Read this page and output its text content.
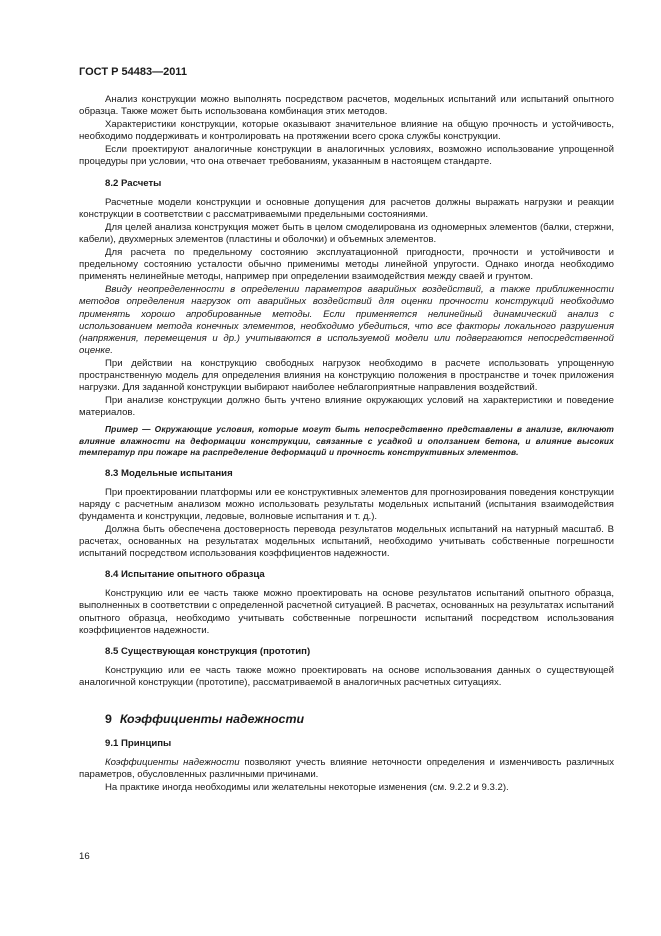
ГОСТ Р 54483—2011

Анализ конструкции можно выполнять посредством расчетов, модельных испытаний или испытаний опытного образца. Также может быть использована комбинация этих методов.

Характеристики конструкции, которые оказывают значительное влияние на общую прочность и устойчивость, необходимо поддерживать и контролировать на протяжении всего срока службы конструкции.

Если проектируют аналогичные конструкции в аналогичных условиях, возможно использование упрощенной процедуры при условии, что она отвечает требованиям, указанным в настоящем стандарте.

8.2 Расчеты

Расчетные модели конструкции и основные допущения для расчетов должны выражать нагрузки и реакции конструкции в соответствии с рассматриваемыми предельными состояниями.

Для целей анализа конструкция может быть в целом смоделирована из одномерных элементов (балки, стержни, кабели), двухмерных элементов (пластины и оболочки) и объемных элементов.

Для расчета по предельному состоянию эксплуатационной пригодности, прочности и устойчивости и предельному состоянию усталости обычно применимы методы линейной упругости. Однако иногда необходимо применять нелинейные методы, например при определении взаимодействия между сваей и грунтом.

Ввиду неопределенности в определении параметров аварийных воздействий, а также приближенности методов определения нагрузок от аварийных воздействий для оценки прочности конструкций необходимо применять хорошо апробированные методы. Если применяется нелинейный динамический анализ с использованием метода конечных элементов, необходимо убедиться, что все факторы локального разрушения (напряжения, перемещения и др.) учитываются в используемой модели или подвергаются непосредственной оценке.

При действии на конструкцию свободных нагрузок необходимо в расчете использовать упрощенную пространственную модель для определения влияния на конструкцию положения в пространстве и точек приложения нагрузки. Для заданной конструкции выбирают наиболее неблагоприятные направления воздействий.

При анализе конструкции должно быть учтено влияние окружающих условий на характеристики и поведение материалов.

Пример — Окружающие условия, которые могут быть непосредственно представлены в анализе, включают влияние влажности на деформации конструкции, связанные с усадкой и оползанием бетона, и влияние высоких температур при пожаре на распределение деформаций и прочность конструктивных элементов.

8.3 Модельные испытания

При проектировании платформы или ее конструктивных элементов для прогнозирования поведения конструкции наряду с расчетным анализом можно использовать результаты модельных испытаний (испытания взаимодействия фундамента и конструкции, ледовые, волновые испытания и т. д.).

Должна быть обеспечена достоверность перевода результатов модельных испытаний на натурный масштаб. В расчетах, основанных на результатах модельных испытаний, необходимо учитывать собственные погрешности испытаний посредством использования коэффициентов надежности.

8.4 Испытание опытного образца

Конструкцию или ее часть также можно проектировать на основе результатов испытаний опытного образца, выполненных в соответствии с определенной расчетной ситуацией. В расчетах, основанных на результатах испытаний опытного образца, необходимо учитывать собственные погрешности испытаний посредством использования коэффициентов надежности.

8.5 Существующая конструкция (прототип)

Конструкцию или ее часть также можно проектировать на основе использования данных о существующей аналогичной конструкции (прототипе), рассматриваемой в аналогичных расчетных ситуациях.

9 Коэффициенты надежности
9.1 Принципы

Коэффициенты надежности позволяют учесть влияние неточности определения и изменчивость различных параметров, обусловленных различными причинами.

На практике иногда необходимы или желательны некоторые изменения (см. 9.2.2 и 9.3.2).

16
